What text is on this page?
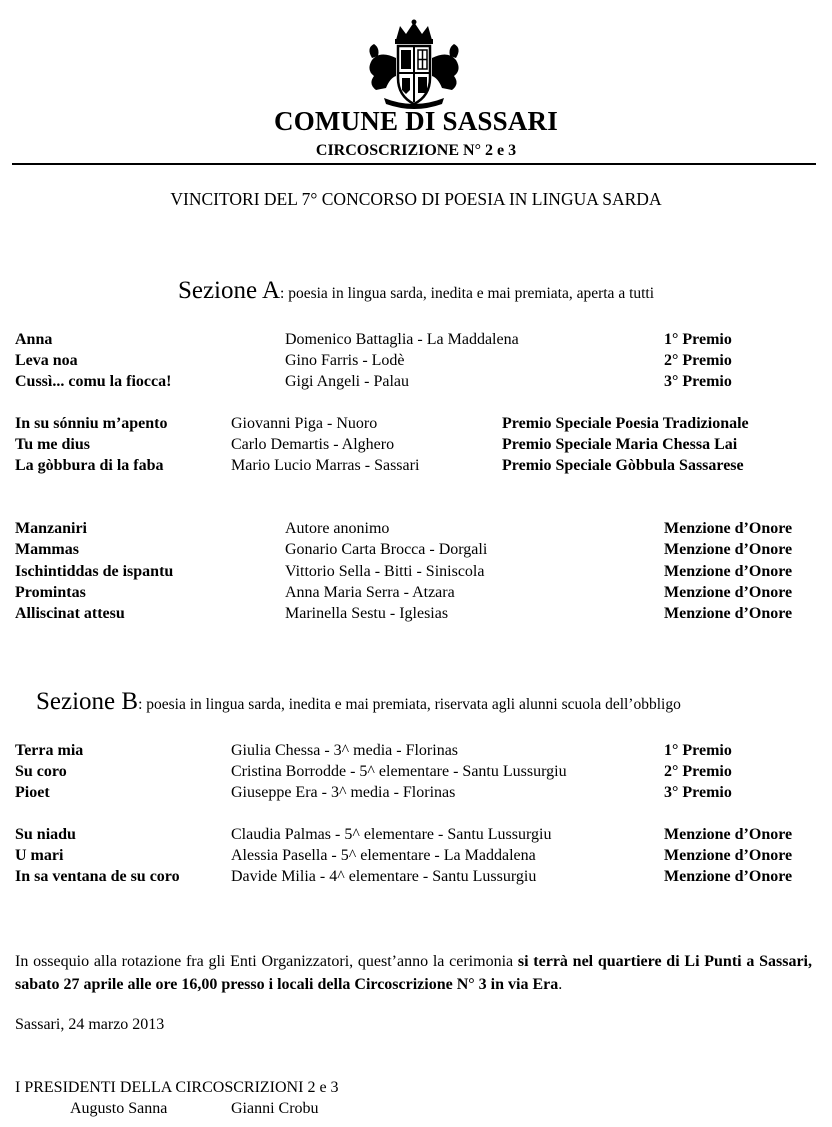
COMUNE DI SASSARI
CIRCOSCRIZIONE N° 2 e 3
VINCITORI DEL 7° CONCORSO DI POESIA IN LINGUA SARDA
Sezione A: poesia in lingua sarda, inedita e mai premiata, aperta a tutti
Anna	Domenico Battaglia - La Maddalena	1° Premio
Leva noa	Gino Farris - Lodè	2° Premio
Cussì... comu la fiocca!	Gigi Angeli - Palau	3° Premio
In su sónniu m’apento	Giovanni Piga - Nuoro	Premio Speciale Poesia Tradizionale
Tu me dius	Carlo Demartis - Alghero	Premio Speciale Maria Chessa Lai
La gòbbura di la faba	Mario Lucio Marras - Sassari	Premio Speciale Gòbbula Sassarese
Manzaniri	Autore anonimo	Menzione d’Onore
Mammas	Gonario Carta Brocca - Dorgali	Menzione d’Onore
Ischintiddas de ispantu	Vittorio Sella - Bitti - Siniscola	Menzione d’Onore
Promintas	Anna Maria Serra - Atzara	Menzione d’Onore
Alliscinat attesu	Marinella Sestu - Iglesias	Menzione d’Onore
Sezione B: poesia in lingua sarda, inedita e mai premiata, riservata agli alunni scuola dell’obbligo
Terra mia	Giulia Chessa - 3^ media - Florinas	1° Premio
Su coro	Cristina Borrodde - 5^ elementare - Santu Lussurgiu	2° Premio
Pioet	Giuseppe Era - 3^ media - Florinas	3° Premio
Su niadu	Claudia Palmas - 5^ elementare - Santu Lussurgiu	Menzione d’Onore
U mari	Alessia Pasella - 5^ elementare - La Maddalena	Menzione d’Onore
In sa ventana de su coro	Davide Milia - 4^ elementare - Santu Lussurgiu	Menzione d’Onore
In ossequio alla rotazione fra gli Enti Organizzatori, quest’anno la cerimonia si terrà nel quartiere di Li Punti a Sassari, sabato 27 aprile alle ore 16,00 presso i locali della Circoscrizione N° 3 in via Era.
Sassari, 24 marzo 2013
I PRESIDENTI DELLA CIRCOSCRIZIONI 2 e 3
Augusto Sanna	Gianni Crobu
